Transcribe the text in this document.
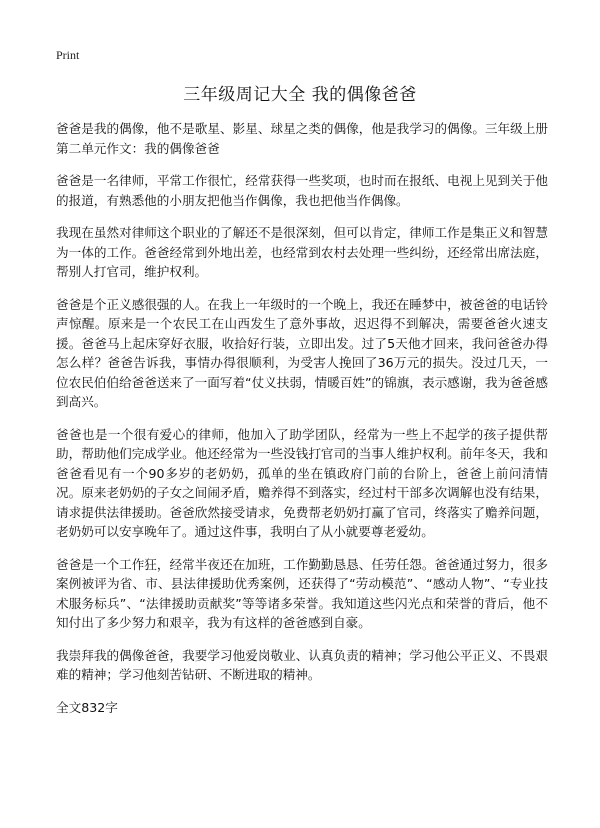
Print
三年级周记大全 我的偶像爸爸

爸爸是我的偶像，他不是歌星、影星、球星之类的偶像，他是我学习的偶像。三年级上册第二单元作文：我的偶像爸爸

爸爸是一名律师，平常工作很忙，经常获得一些奖项，也时而在报纸、电视上见到关于他的报道，有熟悉他的小朋友把他当作偶像，我也把他当作偶像。

我现在虽然对律师这个职业的了解还不是很深刻，但可以肯定，律师工作是集正义和智慧为一体的工作。爸爸经常到外地出差，也经常到农村去处理一些纠纷，还经常出席法庭，帮别人打官司，维护权利。

爸爸是个正义感很强的人。在我上一年级时的一个晚上，我还在睡梦中，被爸爸的电话铃声惊醒。原来是一个农民工在山西发生了意外事故，迟迟得不到解决，需要爸爸火速支援。爸爸马上起床穿好衣服，收拾好行装，立即出发。过了5天他才回来，我问爸爸办得怎么样？爸爸告诉我，事情办得很顺利，为受害人挽回了36万元的损失。没过几天，一位农民伯伯给爸爸送来了一面写着“仗义扶弱，情暖百姓”的锦旗，表示感谢，我为爸爸感到高兴。

爸爸也是一个很有爱心的律师，他加入了助学团队，经常为一些上不起学的孩子提供帮助，帮助他们完成学业。他还经常为一些没钱打官司的当事人维护权利。前年冬天，我和爸爸看见有一个90多岁的老奶奶，孤单的坐在镇政府门前的台阶上，爸爸上前问清情况。原来老奶奶的子女之间闹矛盾，赡养得不到落实，经过村干部多次调解也没有结果，请求提供法律援助。爸爸欣然接受请求，免费帮老奶奶打赢了官司，终落实了赡养问题，老奶奶可以安享晚年了。通过这件事，我明白了从小就要尊老爱幼。

爸爸是一个工作狂，经常半夜还在加班，工作勤勤恳恳、任劳任怨。爸爸通过努力，很多案例被评为省、市、县法律援助优秀案例，还获得了“劳动模范”、“感动人物”、“专业技术服务标兵”、“法律援助贡献奖”等等诸多荣誉。我知道这些闪光点和荣誉的背后，他不知付出了多少努力和艰辛，我为有这样的爸爸感到自豪。

我崇拜我的偶像爸爸，我要学习他爱岗敬业、认真负责的精神；学习他公平正义、不畏艰难的精神；学习他刻苦钻研、不断进取的精神。

全文832字
